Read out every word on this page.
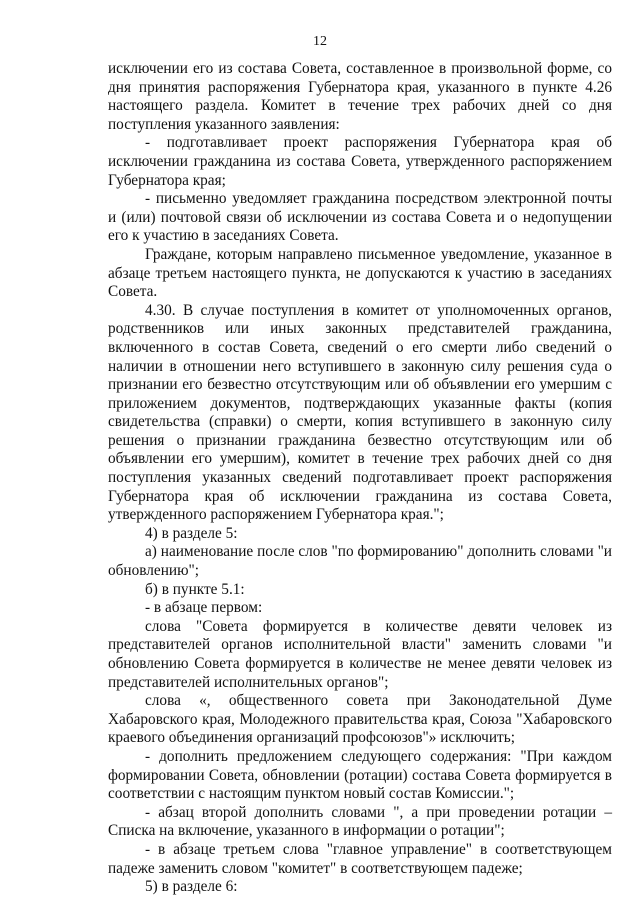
12

исключении его из состава Совета, составленное в произвольной форме, со дня принятия распоряжения Губернатора края, указанного в пункте 4.26 настоящего раздела. Комитет в течение трех рабочих дней со дня поступления указанного заявления:

- подготавливает проект распоряжения Губернатора края об исключении гражданина из состава Совета, утвержденного распоряжением Губернатора края;

- письменно уведомляет гражданина посредством электронной почты и (или) почтовой связи об исключении из состава Совета и о недопущении его к участию в заседаниях Совета.

Граждане, которым направлено письменное уведомление, указанное в абзаце третьем настоящего пункта, не допускаются к участию в заседаниях Совета.

4.30. В случае поступления в комитет от уполномоченных органов, родственников или иных законных представителей гражданина, включенного в состав Совета, сведений о его смерти либо сведений о наличии в отношении него вступившего в законную силу решения суда о признании его безвестно отсутствующим или об объявлении его умершим с приложением документов, подтверждающих указанные факты (копия свидетельства (справки) о смерти, копия вступившего в законную силу решения о признании гражданина безвестно отсутствующим или об объявлении его умершим), комитет в течение трех рабочих дней со дня поступления указанных сведений подготавливает проект распоряжения Губернатора края об исключении гражданина из состава Совета, утвержденного распоряжением Губернатора края.";

4) в разделе 5:

а) наименование после слов "по формированию" дополнить словами "и обновлению";

б) в пункте 5.1:

- в абзаце первом:

слова "Совета формируется в количестве девяти человек из представителей органов исполнительной власти" заменить словами "и обновлению Совета формируется в количестве не менее девяти человек из представителей исполнительных органов";

слова «, общественного совета при Законодательной Думе Хабаровского края, Молодежного правительства края, Союза "Хабаровского краевого объединения организаций профсоюзов"» исключить;

- дополнить предложением следующего содержания: "При каждом формировании Совета, обновлении (ротации) состава Совета формируется в соответствии с настоящим пунктом новый состав Комиссии.";

- абзац второй дополнить словами ", а при проведении ротации – Списка на включение, указанного в информации о ротации";

- в абзаце третьем слова "главное управление" в соответствующем падеже заменить словом "комитет" в соответствующем падеже;

5) в разделе 6:
